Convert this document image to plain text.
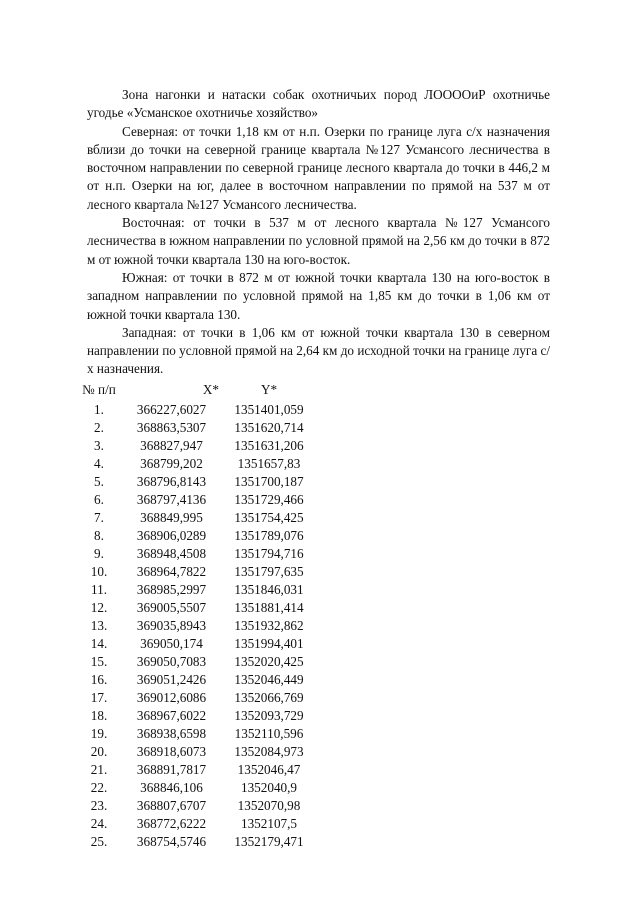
Зона нагонки и натаски собак охотничьих пород ЛООООиР охотничье угодье «Усманское охотничье хозяйство»

Северная: от точки 1,18 км от н.п. Озерки по границе луга с/х назначения вблизи до точки на северной границе квартала №127 Усмансого лесничества в восточном направлении по северной границе лесного квартала до точки в 446,2 м от н.п. Озерки на юг, далее в восточном направлении по прямой на 537 м от лесного квартала №127 Усмансого лесничества.

Восточная: от точки в 537 м от лесного квартала №127 Усмансого лесничества в южном направлении по условной прямой на 2,56 км до точки в 872 м от южной точки квартала 130 на юго-восток.

Южная: от точки в 872 м от южной точки квартала 130 на юго-восток в западном направлении по условной прямой на 1,85 км до точки в 1,06 км от южной точки квартала 130.

Западная: от точки в 1,06 км от южной точки квартала 130 в северном направлении по условной прямой на 2,64 км до исходной точки на границе луга с/х назначения.

№ п/п	X*	Y*
1.	366227,6027	1351401,059
2.	368863,5307	1351620,714
3.	368827,947	1351631,206
4.	368799,202	1351657,83
5.	368796,8143	1351700,187
6.	368797,4136	1351729,466
7.	368849,995	1351754,425
8.	368906,0289	1351789,076
9.	368948,4508	1351794,716
10.	368964,7822	1351797,635
11.	368985,2997	1351846,031
12.	369005,5507	1351881,414
13.	369035,8943	1351932,862
14.	369050,174	1351994,401
15.	369050,7083	1352020,425
16.	369051,2426	1352046,449
17.	369012,6086	1352066,769
18.	368967,6022	1352093,729
19.	368938,6598	1352110,596
20.	368918,6073	1352084,973
21.	368891,7817	1352046,47
22.	368846,106	1352040,9
23.	368807,6707	1352070,98
24.	368772,6222	1352107,5
25.	368754,5746	1352179,471
